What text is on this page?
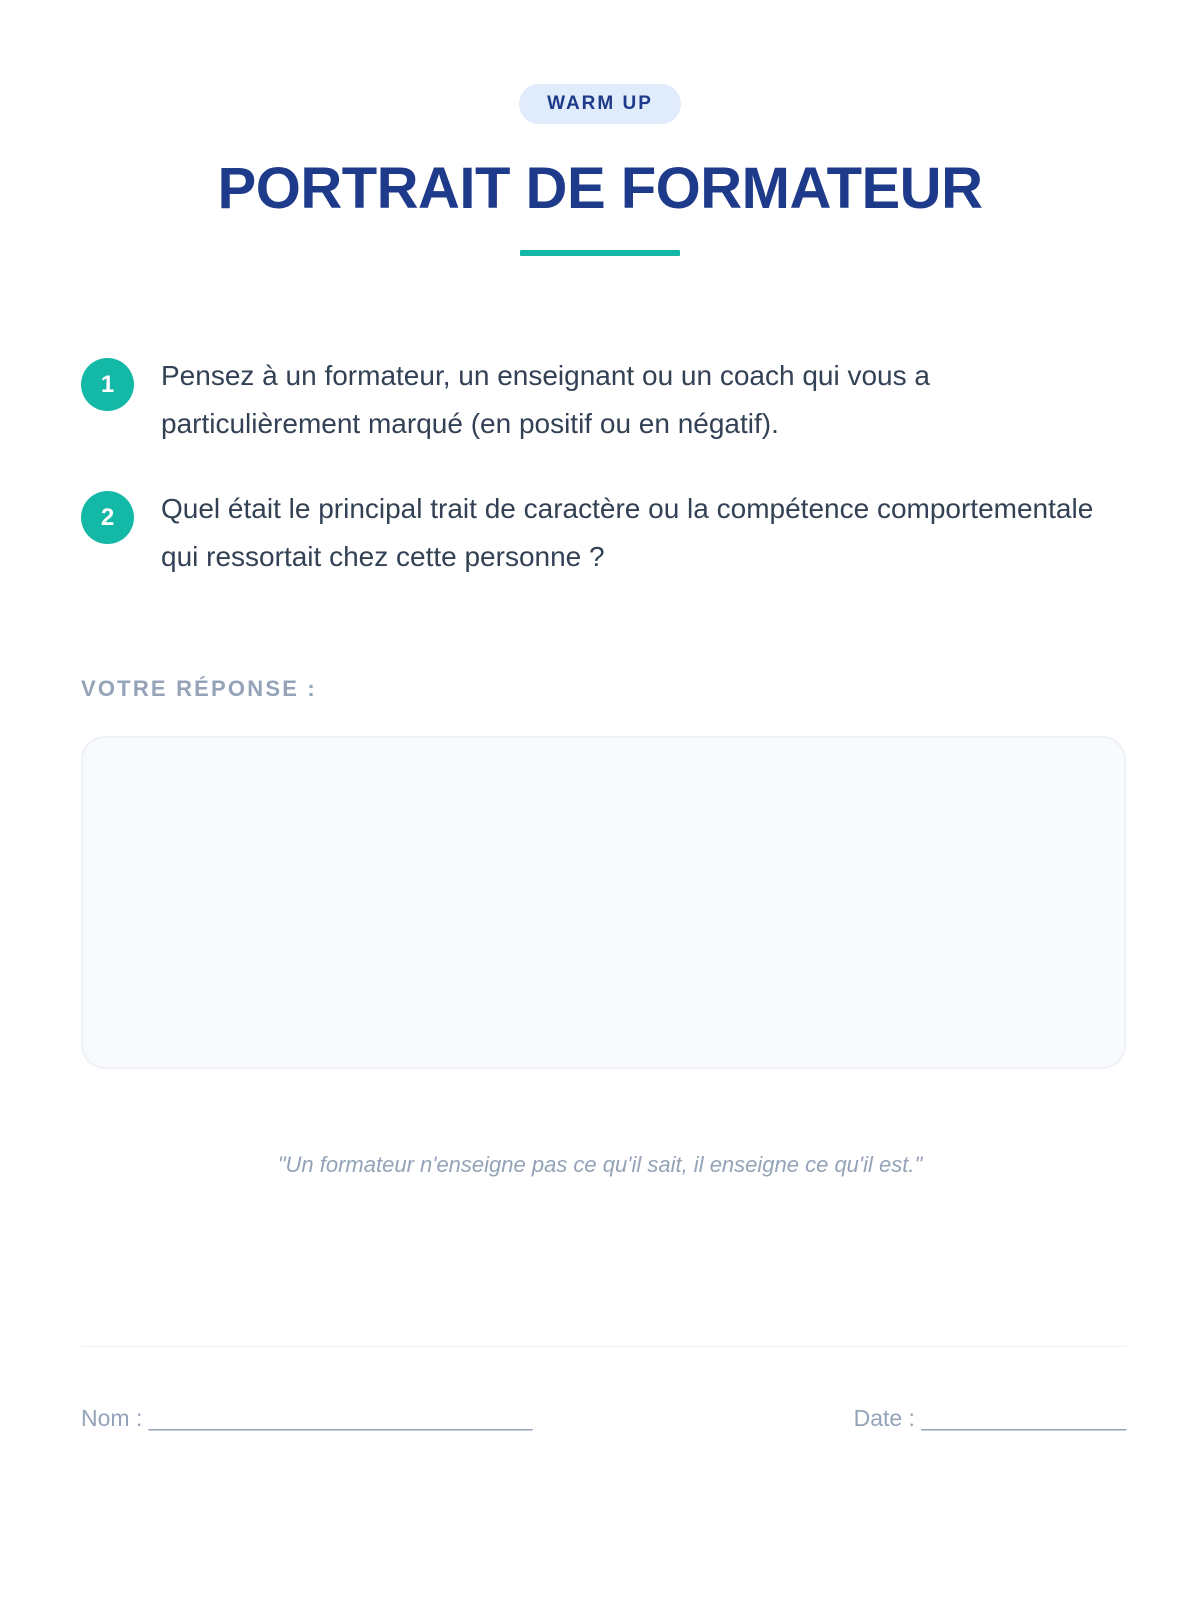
WARM UP
PORTRAIT DE FORMATEUR
1	Pensez à un formateur, un enseignant ou un coach qui vous a particulièrement marqué (en positif ou en négatif).

2	Quel était le principal trait de caractère ou la compétence comportementale qui ressortait chez cette personne ?

VOTRE RÉPONSE :

"Un formateur n'enseigne pas ce qu'il sait, il enseigne ce qu'il est."

Nom : ______________________________	Date : ________________
